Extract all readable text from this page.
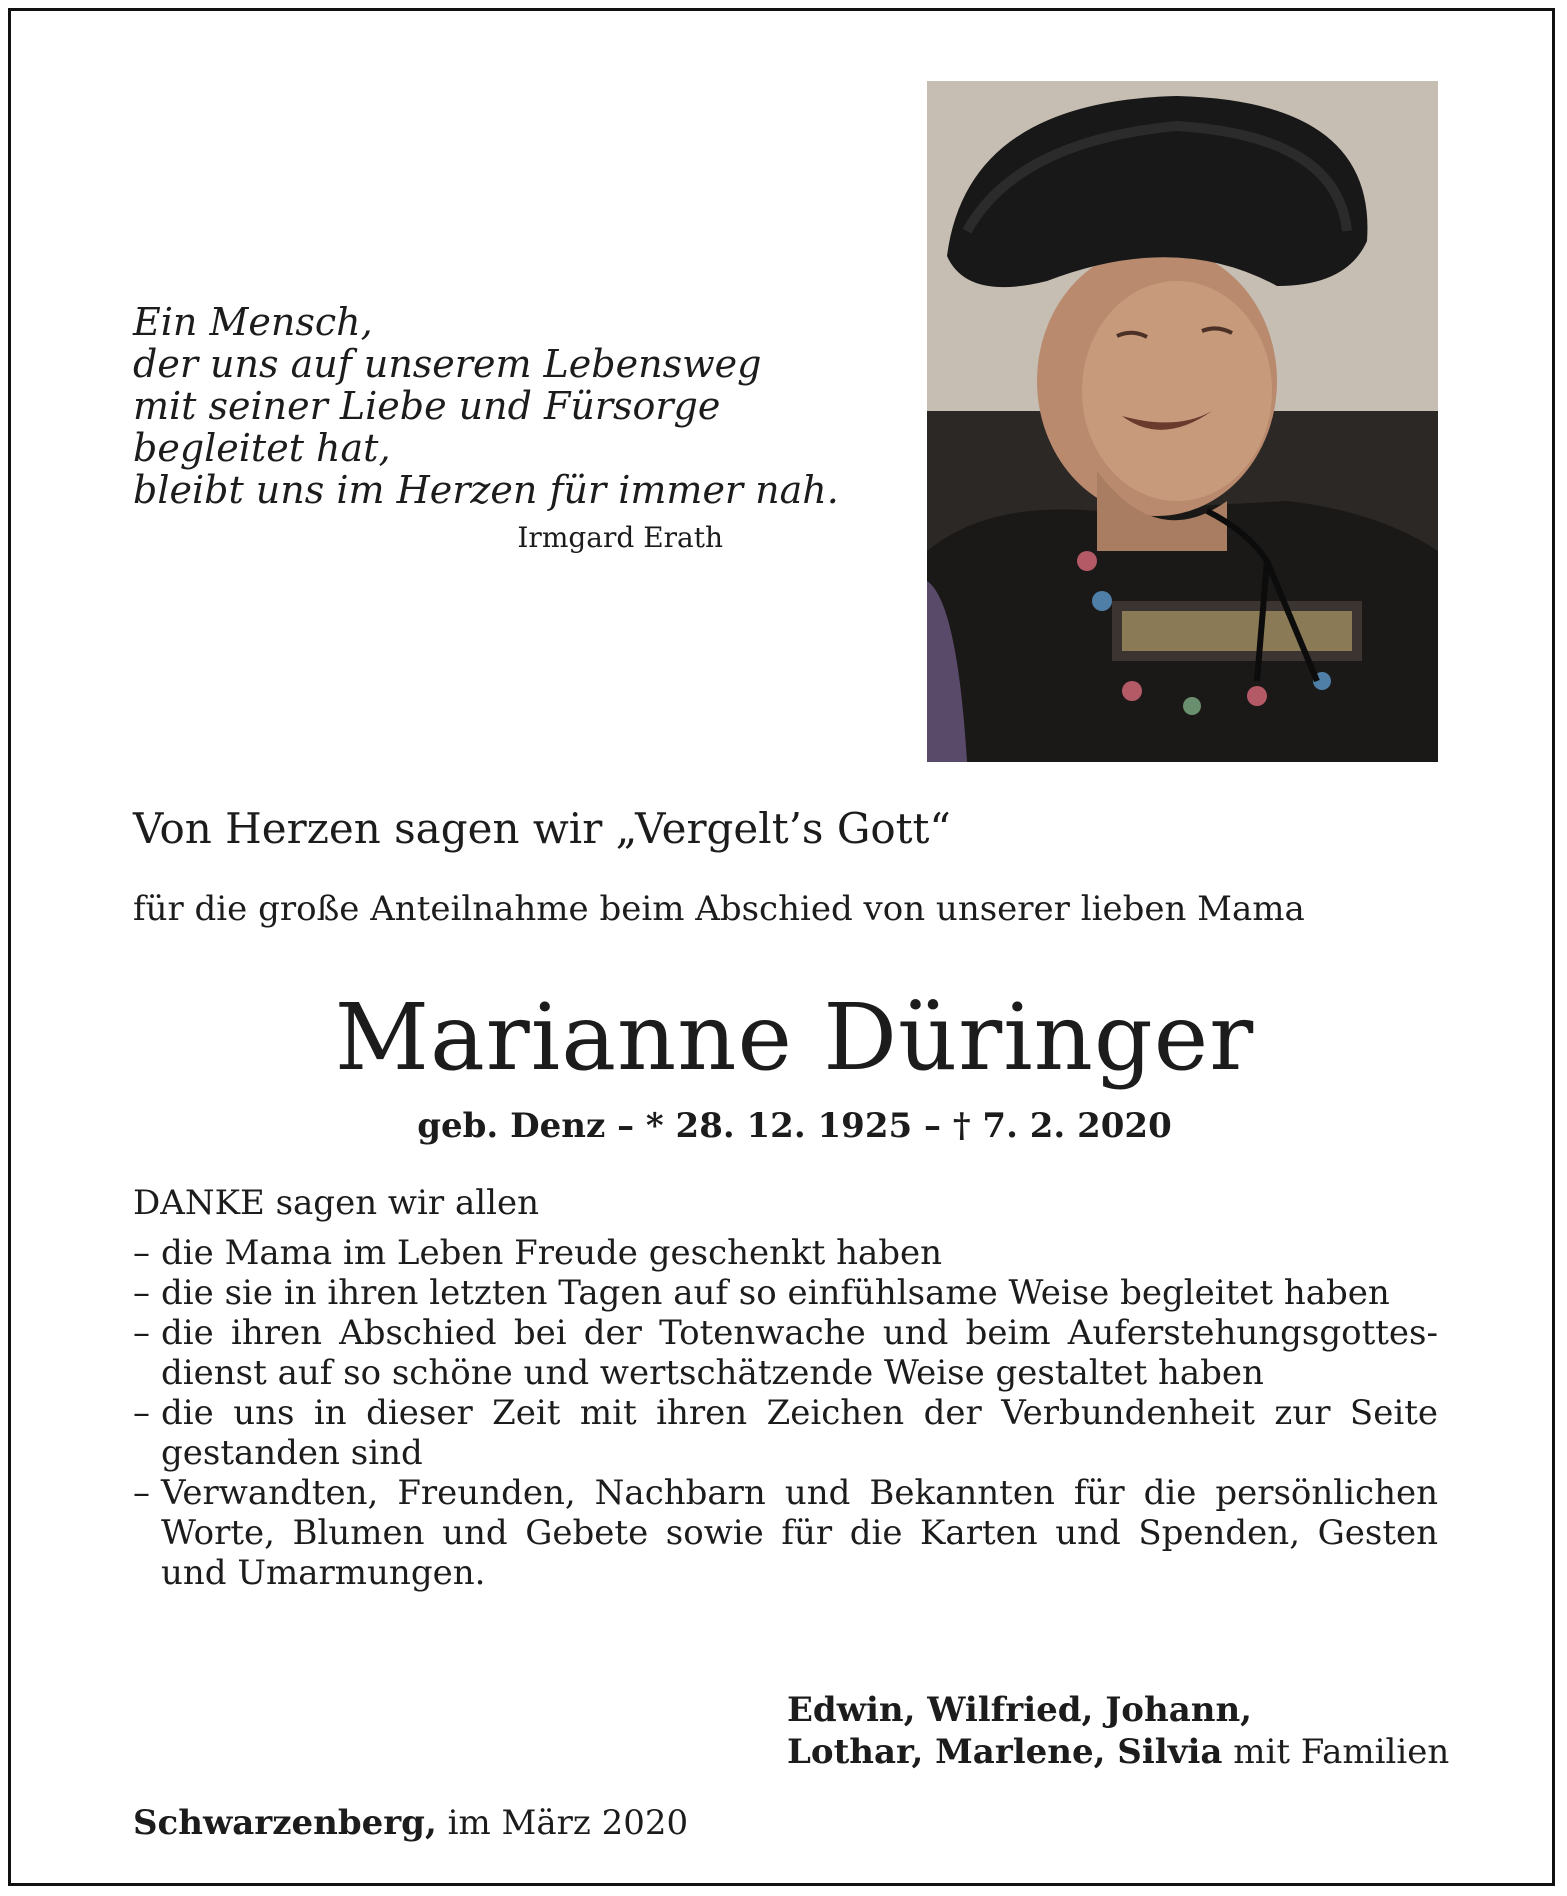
Ein Mensch,
der uns auf unserem Lebensweg
mit seiner Liebe und Fürsorge
begleitet hat,
bleibt uns im Herzen für immer nah.
Irmgard Erath
Von Herzen sagen wir „Vergelt’s Gott“
für die große Anteilnahme beim Abschied von unserer lieben Mama
Marianne Düringer
geb. Denz – * 28. 12. 1925 – † 7. 2. 2020
DANKE sagen wir allen
– die Mama im Leben Freude geschenkt haben
– die sie in ihren letzten Tagen auf so einfühlsame Weise begleitet haben
– die ihren Abschied bei der Totenwache und beim Auferstehungsgottesdienst auf so schöne und wertschätzende Weise gestaltet haben
– die uns in dieser Zeit mit ihren Zeichen der Verbundenheit zur Seite gestanden sind
– Verwandten, Freunden, Nachbarn und Bekannten für die persönlichen Worte, Blumen und Gebete sowie für die Karten und Spenden, Gesten und Umarmungen.
Edwin, Wilfried, Johann,
Lothar, Marlene, Silvia mit Familien
Schwarzenberg, im März 2020
